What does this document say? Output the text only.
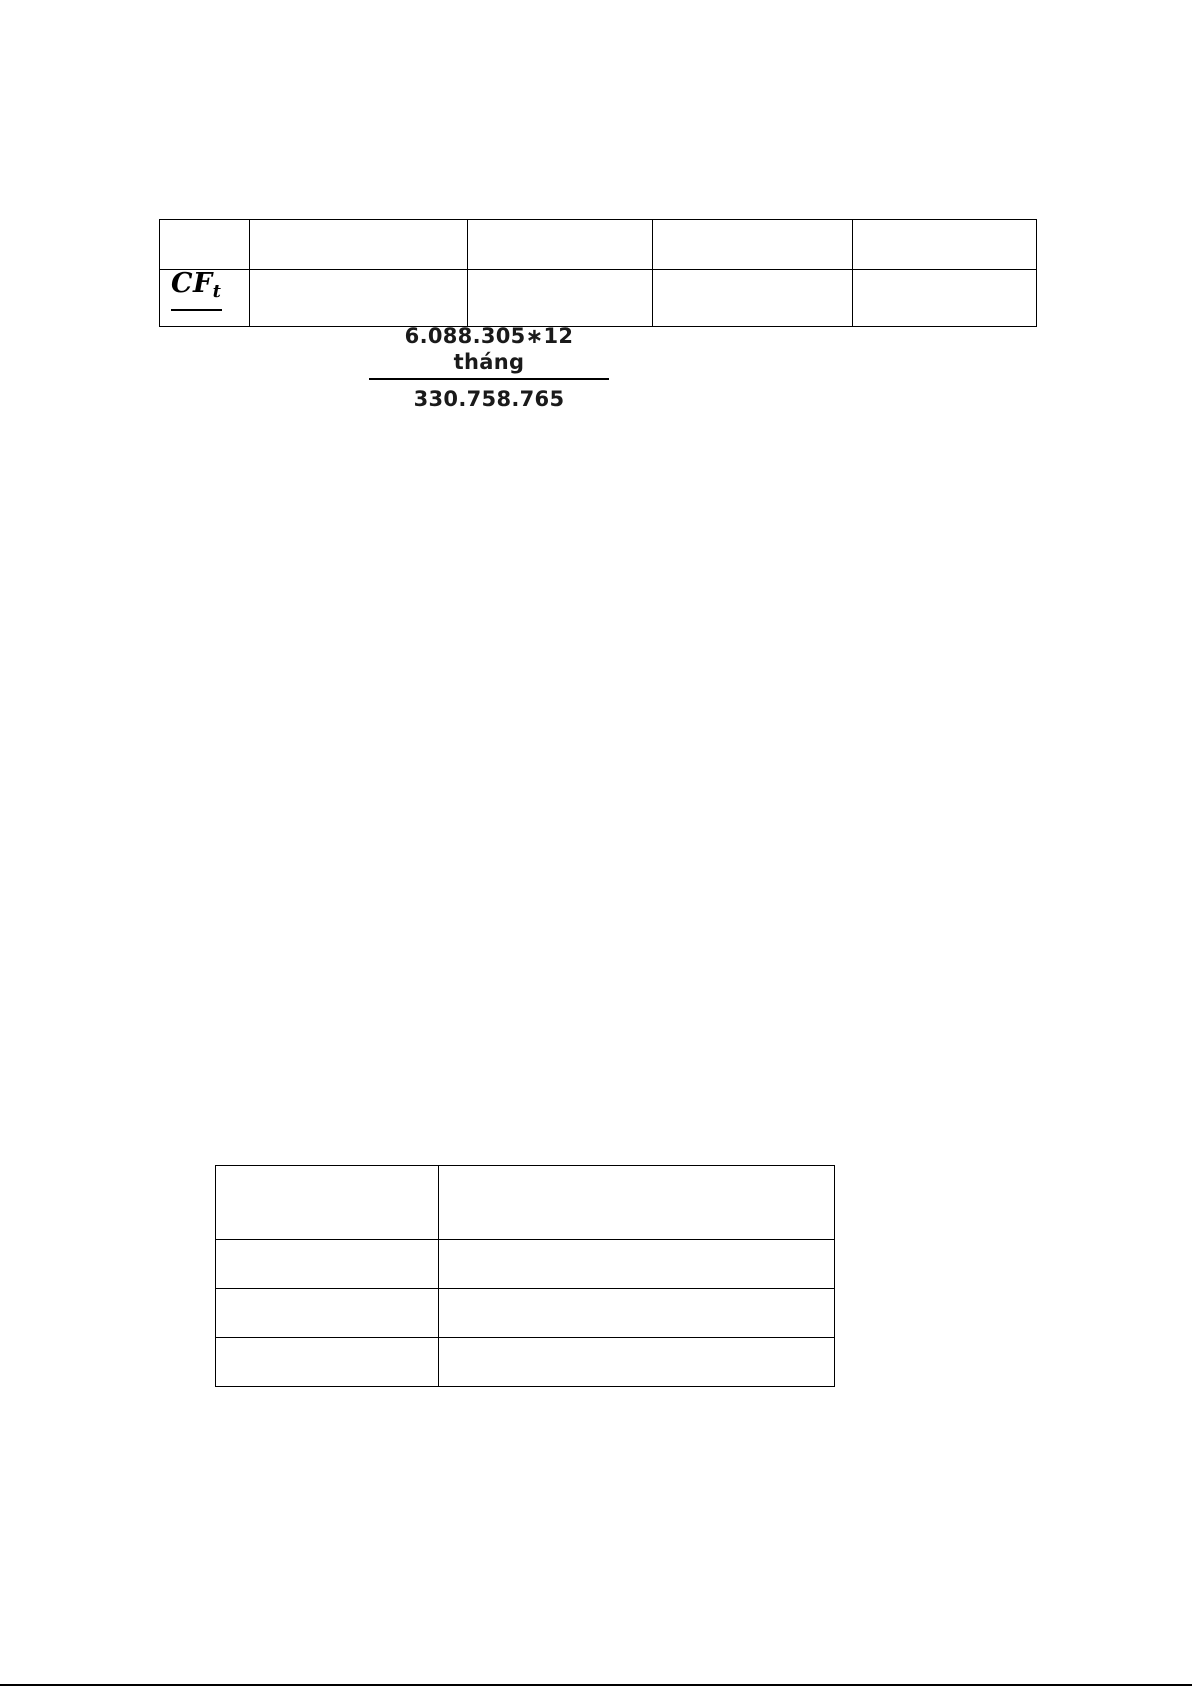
$CF_t$				
6.088.305∗12 tháng
330.758.765
